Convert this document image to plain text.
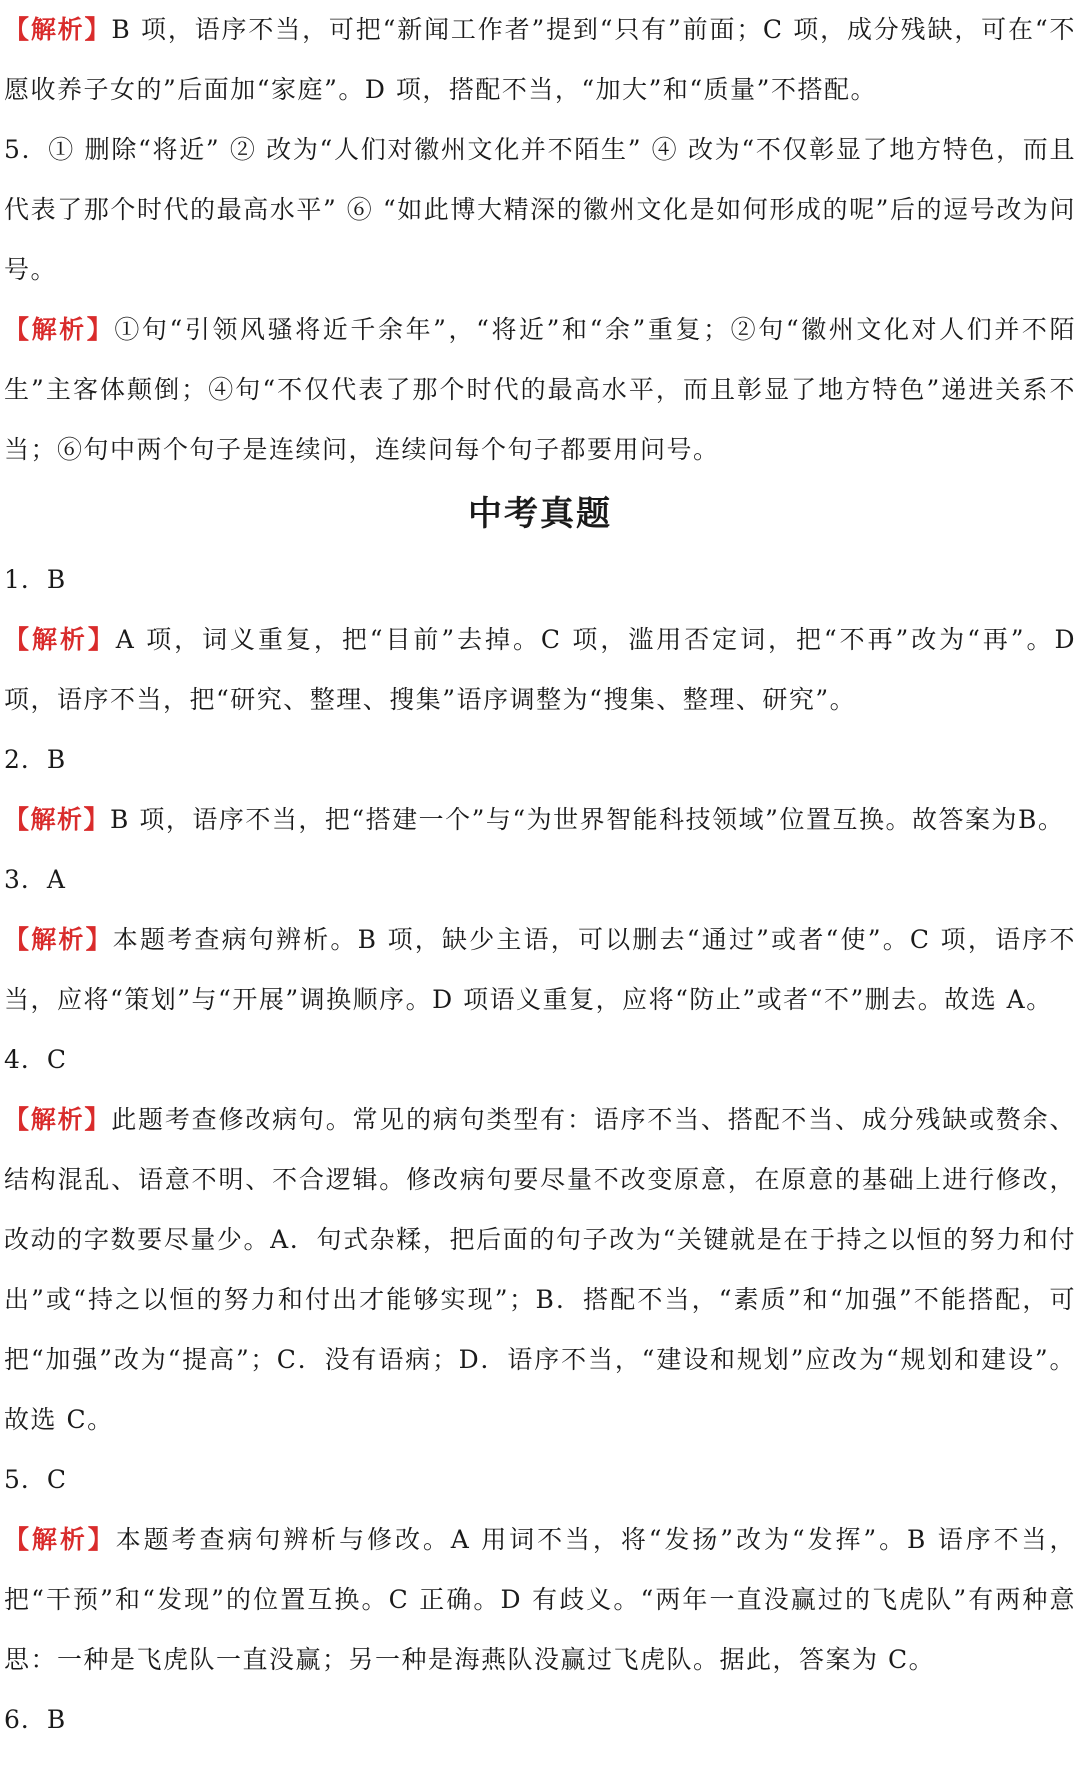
【解析】B 项，语序不当，可把“新闻工作者”提到“只有”前面；C 项，成分残缺，可在“不愿收养子女的”后面加“家庭”。D 项，搭配不当，“加大”和“质量”不搭配。

5．① 删除“将近” ② 改为“人们对徽州文化并不陌生” ④ 改为“不仅彰显了地方特色，而且代表了那个时代的最高水平” ⑥ “如此博大精深的徽州文化是如何形成的呢”后的逗号改为问号。

【解析】①句“引领风骚将近千余年”，“将近”和“余”重复；②句“徽州文化对人们并不陌生”主客体颠倒；④句“不仅代表了那个时代的最高水平，而且彰显了地方特色”递进关系不当；⑥句中两个句子是连续问，连续问每个句子都要用问号。

中考真题

1．B

【解析】A 项，词义重复，把“目前”去掉。C 项，滥用否定词，把“不再”改为“再”。D 项，语序不当，把“研究、整理、搜集”语序调整为“搜集、整理、研究”。

2．B

【解析】B 项，语序不当，把“搭建一个”与“为世界智能科技领域”位置互换。故答案为B。

3．A

【解析】本题考查病句辨析。B 项，缺少主语，可以删去“通过”或者“使”。C 项，语序不当，应将“策划”与“开展”调换顺序。D 项语义重复，应将“防止”或者“不”删去。故选 A。

4．C

【解析】此题考查修改病句。常见的病句类型有：语序不当、搭配不当、成分残缺或赘余、结构混乱、语意不明、不合逻辑。修改病句要尽量不改变原意，在原意的基础上进行修改，改动的字数要尽量少。A．句式杂糅，把后面的句子改为“关键就是在于持之以恒的努力和付出”或“持之以恒的努力和付出才能够实现”；B．搭配不当，“素质”和“加强”不能搭配，可把“加强”改为“提高”；C．没有语病；D．语序不当，“建设和规划”应改为“规划和建设”。故选 C。

5．C

【解析】本题考查病句辨析与修改。A 用词不当，将“发扬”改为“发挥”。B 语序不当，把“干预”和“发现”的位置互换。C 正确。D 有歧义。“两年一直没赢过的飞虎队”有两种意思：一种是飞虎队一直没赢；另一种是海燕队没赢过飞虎队。据此，答案为 C。

6．B
